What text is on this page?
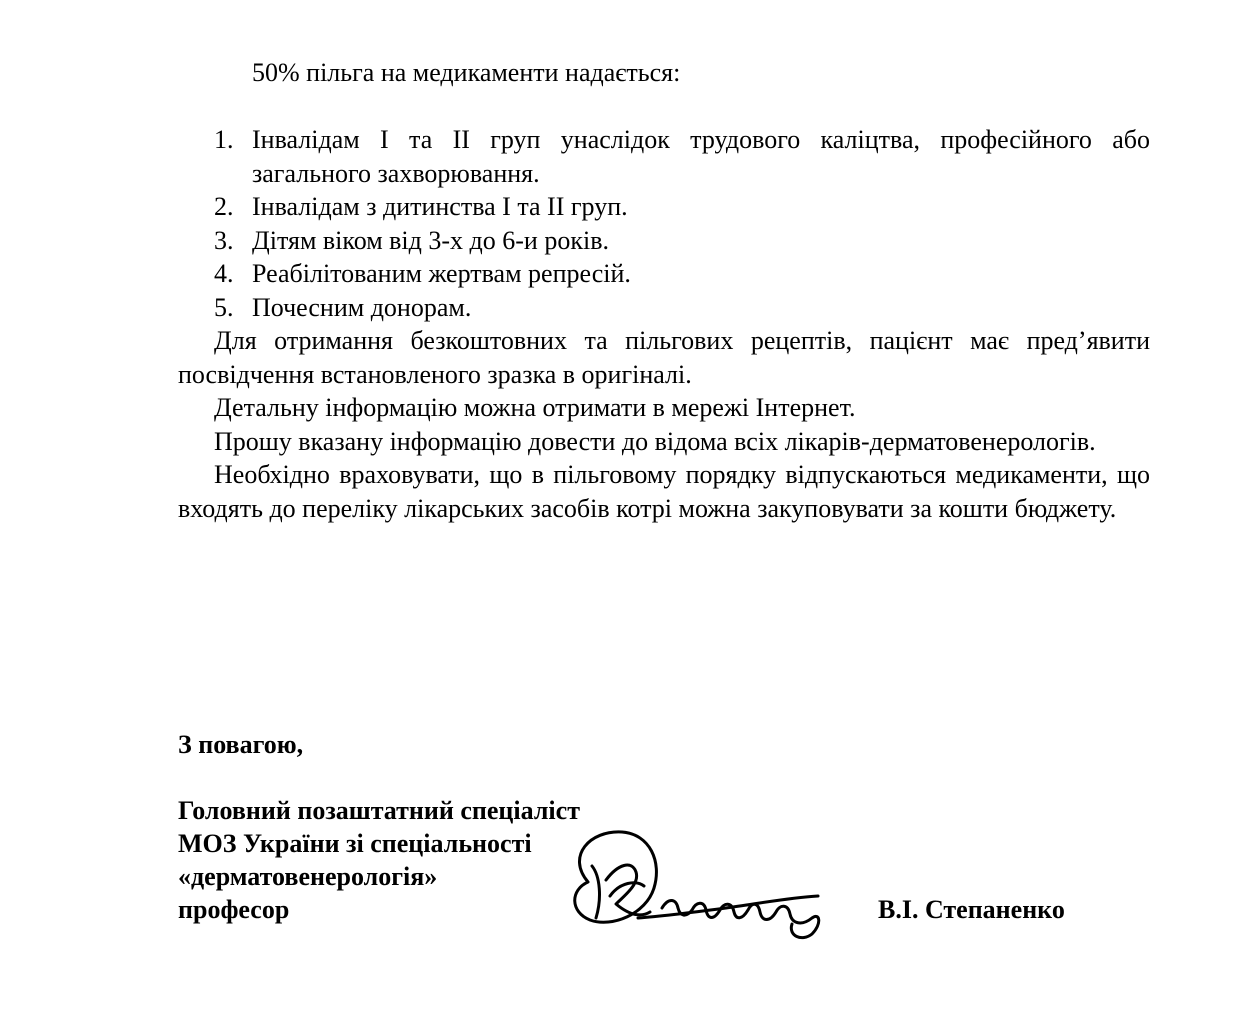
50% пільга на медикаменти надається:

1. Інвалідам I та II груп унаслідок трудового каліцтва, професійного або загального захворювання.
2. Інвалідам з дитинства I та II груп.
3. Дітям віком від 3-х до 6-и років.
4. Реабілітованим жертвам репресій.
5. Почесним донорам.

Для отримання безкоштовних та пільгових рецептів, пацієнт має пред’явити посвідчення встановленого зразка в оригіналі.

Детальну інформацію можна отримати в мережі Інтернет.

Прошу вказану інформацію довести до відома всіх лікарів-дерматовенерологів.

Необхідно враховувати, що в пільговому порядку відпускаються медикаменти, що входять до переліку лікарських засобів котрі можна закуповувати за кошти бюджету.

З повагою,
Головний позаштатний спеціаліст
МОЗ України зі спеціальності
«дерматовенерологія»
професор	В.І. Степаненко
